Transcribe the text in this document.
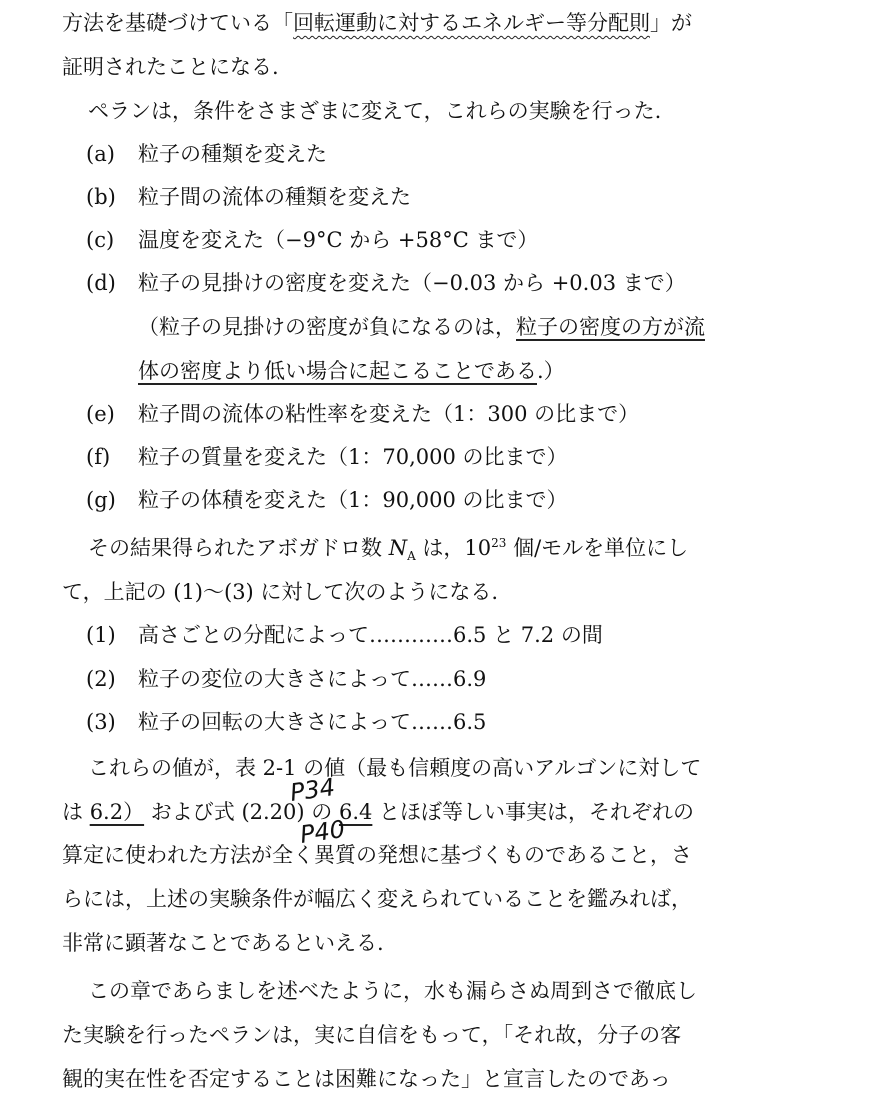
方法を基礎づけている「回転運動に対するエネルギー等分配則」が
証明されたことになる.
ペランは，条件をさまざまに変えて，これらの実験を行った.
(a) 粒子の種類を変えた
(b) 粒子間の流体の種類を変えた
(c) 温度を変えた（−9°C から +58°C まで）
(d) 粒子の見掛けの密度を変えた（−0.03 から +0.03 まで）
（粒子の見掛けの密度が負になるのは，粒子の密度の方が流
体の密度より低い場合に起こることである.）
(e) 粒子間の流体の粘性率を変えた（1：300 の比まで）
(f) 粒子の質量を変えた（1：70,000 の比まで）
(g) 粒子の体積を変えた（1：90,000 の比まで）
その結果得られたアボガドロ数 $N_A$ は，$10^{23}$ 個/モルを単位にし
て，上記の (1)〜(3) に対して次のようになる.
(1) 高さごとの分配によって…………6.5 と 7.2 の間
(2) 粒子の変位の大きさによって……6.9
(3) 粒子の回転の大きさによって……6.5
これらの値が，表 2-1 の値（最も信頼度の高いアルゴンに対して
は 6.2） および式 (2.20) の 6.4 とほぼ等しい事実は，それぞれの
算定に使われた方法が全く異質の発想に基づくものであること，さ
らには，上述の実験条件が幅広く変えられていることを鑑みれば，
非常に顕著なことであるといえる.
この章であらましを述べたように，水も漏らさぬ周到さで徹底し
た実験を行ったペランは，実に自信をもって，「それ故，分子の客
観的実在性を否定することは困難になった」と宣言したのであっ
P34
P40
